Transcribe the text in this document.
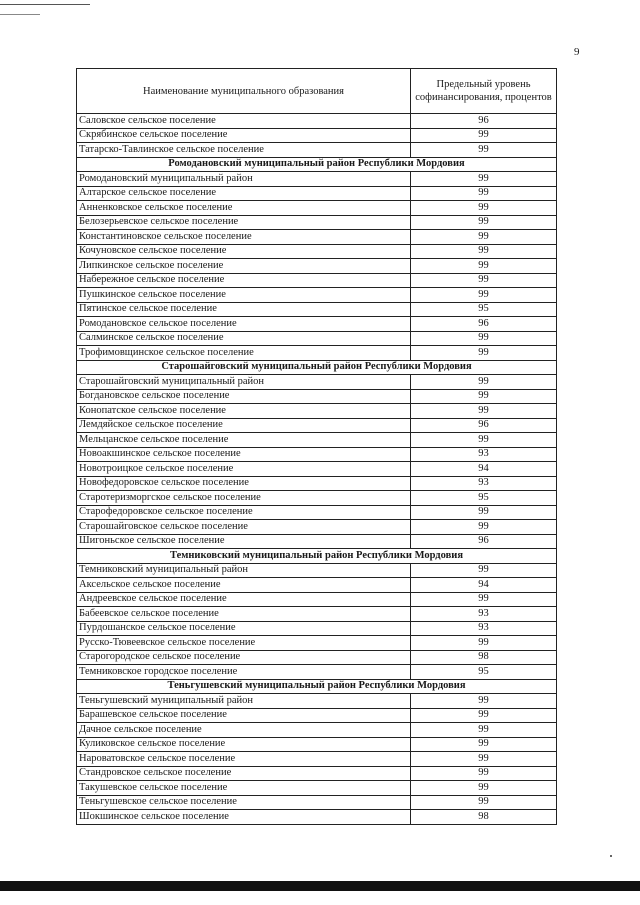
9
Наименование муниципального образования	Предельный уровень софинансирования, процентов
Саловское сельское поселение	96
Скрябинское сельское поселение	99
Татарско-Тавлинское сельское поселение	99
Ромодановский муниципальный район Республики Мордовия	
Ромодановский муниципальный район	99
Алтарское сельское поселение	99
Анненковское сельское поселение	99
Белозерьевское сельское поселение	99
Константиновское сельское поселение	99
Кочуновское сельское поселение	99
Липкинское сельское поселение	99
Набережное сельское поселение	99
Пушкинское сельское поселение	99
Пятинское сельское поселение	95
Ромодановское сельское поселение	96
Салминское сельское поселение	99
Трофимовщинское сельское поселение	99
Старошайговский муниципальный район Республики Мордовия	
Старошайговский муниципальный район	99
Богдановское сельское поселение	99
Конопатское сельское поселение	99
Лемдяйское сельское поселение	96
Мельцанское сельское поселение	99
Новоакшинское сельское поселение	93
Новотроицкое сельское поселение	94
Новофедоровское сельское поселение	93
Старотеризморгское сельское поселение	95
Старофедоровское сельское поселение	99
Старошайговское сельское поселение	99
Шигоньское сельское поселение	96
Темниковский муниципальный район Республики Мордовия	
Темниковский муниципальный район	99
Аксельское сельское поселение	94
Андреевское сельское поселение	99
Бабеевское сельское поселение	93
Пурдошанское сельское поселение	93
Русско-Тювеевское сельское поселение	99
Старогородское сельское поселение	98
Темниковское городское поселение	95
Теньгушевский муниципальный район Республики Мордовия	
Теньгушевский муниципальный район	99
Барашевское сельское поселение	99
Дачное сельское поселение	99
Куликовское сельское поселение	99
Нароватовское сельское поселение	99
Стандровское сельское поселение	99
Такушевское сельское поселение	99
Теньгушевское сельское поселение	99
Шокшинское сельское поселение	98
